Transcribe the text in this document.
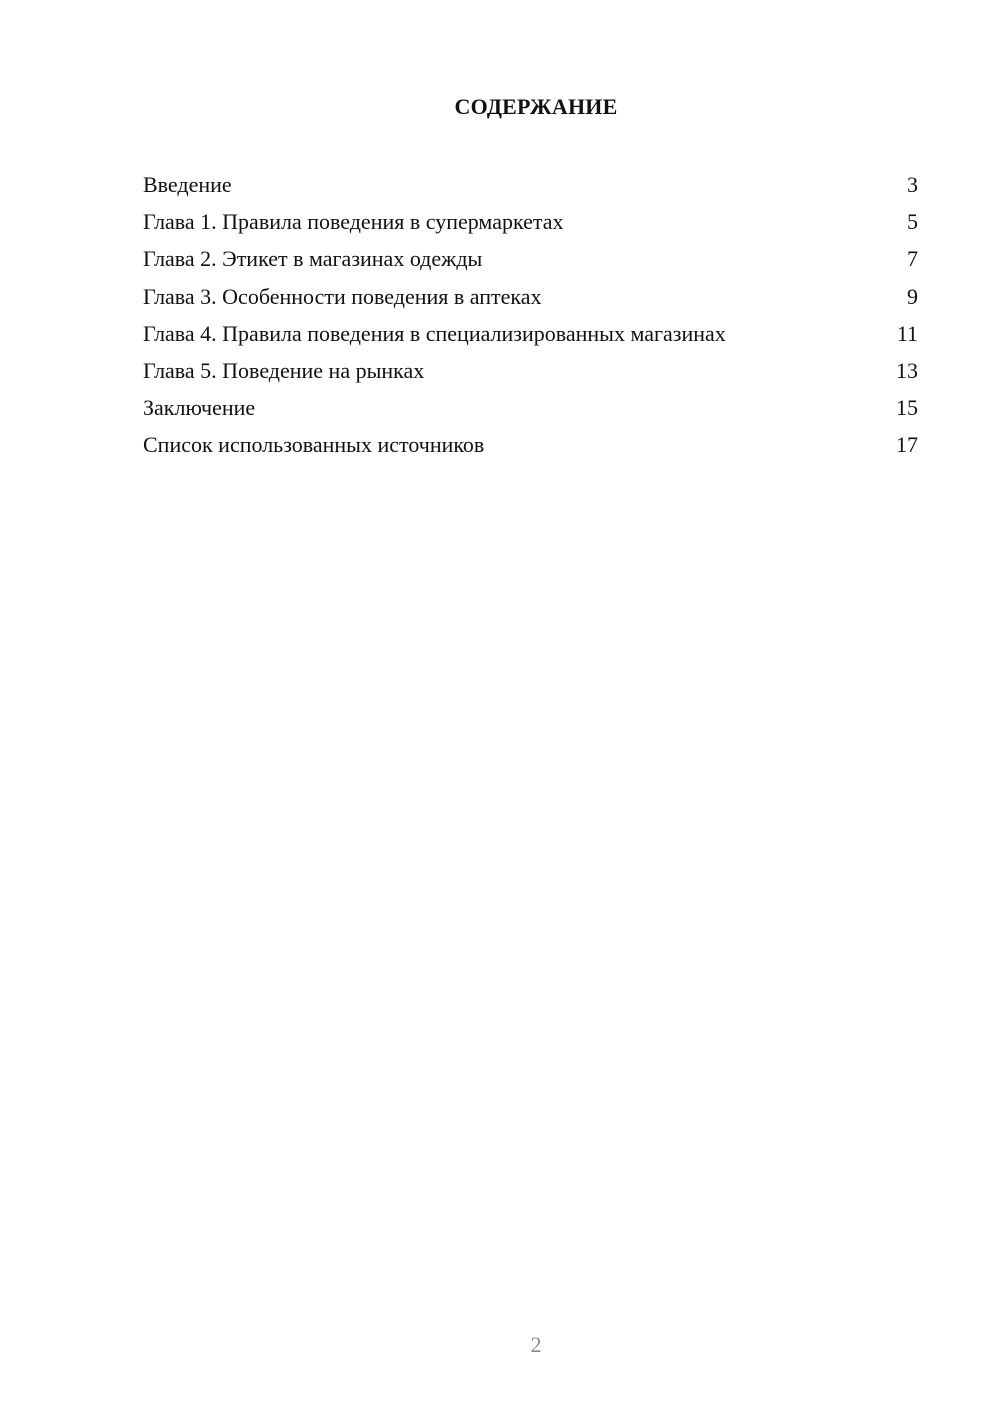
СОДЕРЖАНИЕ
Введение	3
Глава 1. Правила поведения в супермаркетах	5
Глава 2. Этикет в магазинах одежды	7
Глава 3. Особенности поведения в аптеках	9
Глава 4. Правила поведения в специализированных магазинах	11
Глава 5. Поведение на рынках	13
Заключение	15
Список использованных источников	17
2
